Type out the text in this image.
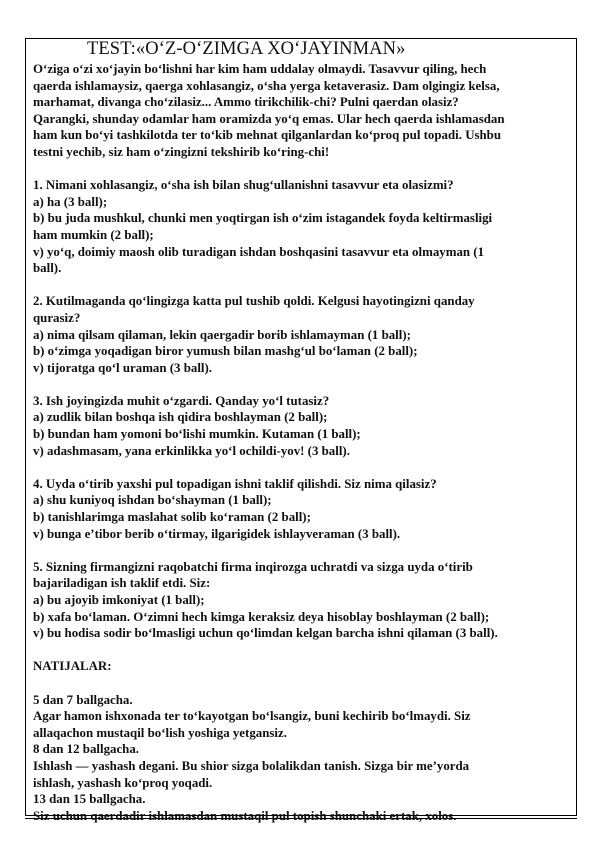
TEST:«O‘Z-O‘ZIMGA XO‘JAYINMAN»

O‘ziga o‘zi xo‘jayin bo‘lishni har kim ham uddalay olmaydi. Tasavvur qiling, hech

qaerda ishlamaysiz, qaerga xohlasangiz, o‘sha yerga ketaverasiz. Dam olgingiz kelsa,

marhamat, divanga cho‘zilasiz... Ammo tirikchilik-chi? Pulni qaerdan olasiz?

Qarangki, shunday odamlar ham oramizda yo‘q emas. Ular hech qaerda ishlamasdan

ham kun bo‘yi tashkilotda ter to‘kib mehnat qilganlardan ko‘proq pul topadi. Ushbu

testni yechib, siz ham o‘zingizni tekshirib ko‘ring-chi!

1. Nimani xohlasangiz, o‘sha ish bilan shug‘ullanishni tasavvur eta olasizmi?

a) ha (3 ball);

b) bu juda mushkul, chunki men yoqtirgan ish o‘zim istagandek foyda keltirmasligi

ham mumkin (2 ball);

v) yo‘q, doimiy maosh olib turadigan ishdan boshqasini tasavvur eta olmayman (1

ball).

2. Kutilmaganda qo‘lingizga katta pul tushib qoldi. Kelgusi hayotingizni qanday

qurasiz?

a) nima qilsam qilaman, lekin qaergadir borib ishlamayman (1 ball);

b) o‘zimga yoqadigan biror yumush bilan mashg‘ul bo‘laman (2 ball);

v) tijoratga qo‘l uraman (3 ball).

3. Ish joyingizda muhit o‘zgardi. Qanday yo‘l tutasiz?

a) zudlik bilan boshqa ish qidira boshlayman (2 ball);

b) bundan ham yomoni bo‘lishi mumkin. Kutaman (1 ball);

v) adashmasam, yana erkinlikka yo‘l ochildi-yov! (3 ball).

4. Uyda o‘tirib yaxshi pul topadigan ishni taklif qilishdi. Siz nima qilasiz?

a) shu kuniyoq ishdan bo‘shayman (1 ball);

b) tanishlarimga maslahat solib ko‘raman (2 ball);

v) bunga e’tibor berib o‘tirmay, ilgarigidek ishlayveraman (3 ball).

5. Sizning firmangizni raqobatchi firma inqirozga uchratdi va sizga uyda o‘tirib

bajariladigan ish taklif etdi. Siz:

a) bu ajoyib imkoniyat (1 ball);

b) xafa bo‘laman. O‘zimni hech kimga keraksiz deya hisoblay boshlayman (2 ball);

v) bu hodisa sodir bo‘lmasligi uchun qo‘limdan kelgan barcha ishni qilaman (3 ball).

NATIJALAR:

5 dan 7 ballgacha.

Agar hamon ishxonada ter to‘kayotgan bo‘lsangiz, buni kechirib bo‘lmaydi. Siz

allaqachon mustaqil bo‘lish yoshiga yetgansiz.

8 dan 12 ballgacha.

Ishlash — yashash degani. Bu shior sizga bolalikdan tanish. Sizga bir me’yorda

ishlash, yashash ko‘proq yoqadi.

13 dan 15 ballgacha.

Siz uchun qaerdadir ishlamasdan mustaqil pul topish shunchaki ertak, xolos.
